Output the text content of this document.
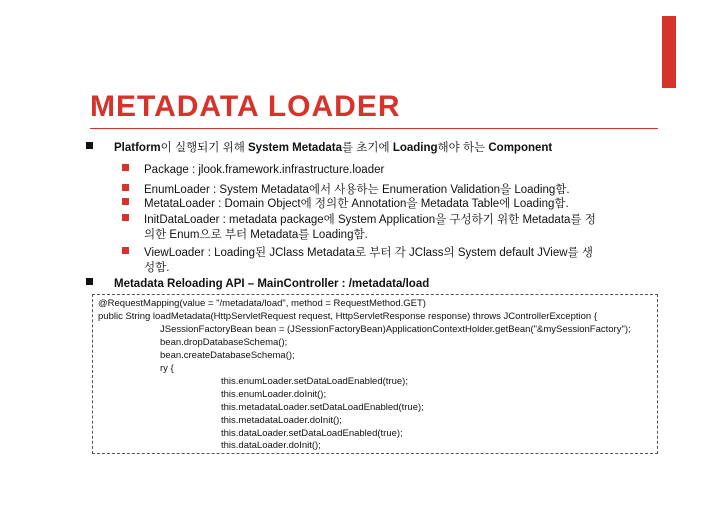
METADATA LOADER

Platform이 실행되기 위해 System Metadata를 초기에 Loading해야 하는 Component

Package : jlook.framework.infrastructure.loader

EnumLoader : System Metadata에서 사용하는 Enumeration Validation을 Loading함.

MetataLoader : Domain Object에 정의한 Annotation을 Metadata Table에 Loading함.

InitDataLoader : metadata package에 System Application을 구성하기 위한 Metadata를 정
의한 Enum으로 부터 Metadata를 Loading함.

ViewLoader : Loading된 JClass Metadata로 부터 각 JClass의 System default JView를 생
성함.

Metadata Reloading API – MainController : /metadata/load

@RequestMapping(value = "/metadata/load", method = RequestMethod.GET)
public String loadMetadata(HttpServletRequest request, HttpServletResponse response) throws JControllerException {
JSessionFactoryBean bean = (JSessionFactoryBean)ApplicationContextHolder.getBean("&mySessionFactory");
bean.dropDatabaseSchema();
bean.createDatabaseSchema();
ry {
this.enumLoader.setDataLoadEnabled(true);
this.enumLoader.doInit();
this.metadataLoader.setDataLoadEnabled(true);
this.metadataLoader.doInit();
this.dataLoader.setDataLoadEnabled(true);
this.dataLoader.doInit();
